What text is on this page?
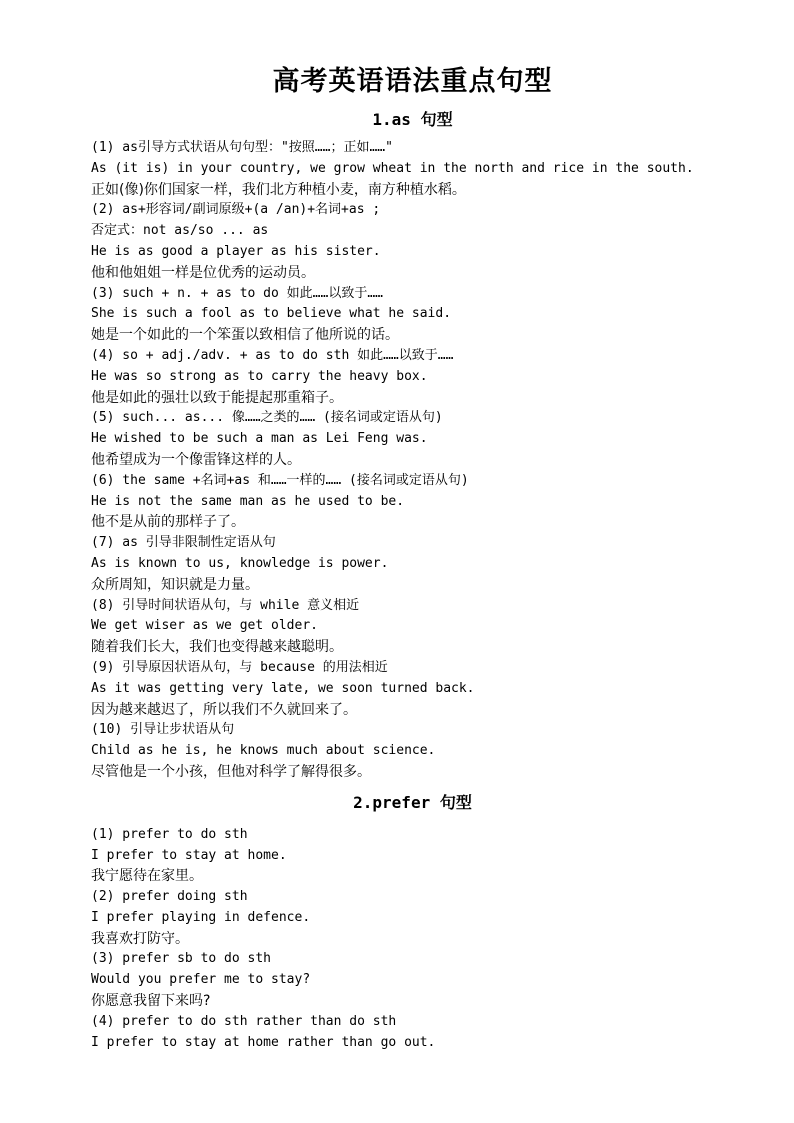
高考英语语法重点句型
1.as 句型
(1) as引导方式状语从句句型："按照……；正如……"
As (it is) in your country, we grow wheat in the north and rice in the south.
正如(像)你们国家一样，我们北方种植小麦，南方种植水稻。
(2) as+形容词/副词原级+(a /an)+名词+as ;
否定式：not as/so ... as
He is as good a player as his sister.
他和他姐姐一样是位优秀的运动员。
(3) such + n. + as to do 如此……以致于……
She is such a fool as to believe what he said.
她是一个如此的一个笨蛋以致相信了他所说的话。
(4) so + adj./adv. + as to do sth 如此……以致于……
He was so strong as to carry the heavy box.
他是如此的强壮以致于能提起那重箱子。
(5) such... as... 像……之类的…… (接名词或定语从句)
He wished to be such a man as Lei Feng was.
他希望成为一个像雷锋这样的人。
(6) the same +名词+as 和……一样的…… (接名词或定语从句)
He is not the same man as he used to be.
他不是从前的那样子了。
(7) as 引导非限制性定语从句
As is known to us, knowledge is power.
众所周知，知识就是力量。
(8) 引导时间状语从句，与 while 意义相近
We get wiser as we get older.
随着我们长大，我们也变得越来越聪明。
(9) 引导原因状语从句，与 because 的用法相近
As it was getting very late, we soon turned back.
因为越来越迟了，所以我们不久就回来了。
(10) 引导让步状语从句
Child as he is, he knows much about science.
尽管他是一个小孩，但他对科学了解得很多。
2.prefer 句型
(1) prefer to do sth
I prefer to stay at home.
我宁愿待在家里。
(2) prefer doing sth
I prefer playing in defence.
我喜欢打防守。
(3) prefer sb to do sth
Would you prefer me to stay?
你愿意我留下来吗?
(4) prefer to do sth rather than do sth
I prefer to stay at home rather than go out.
